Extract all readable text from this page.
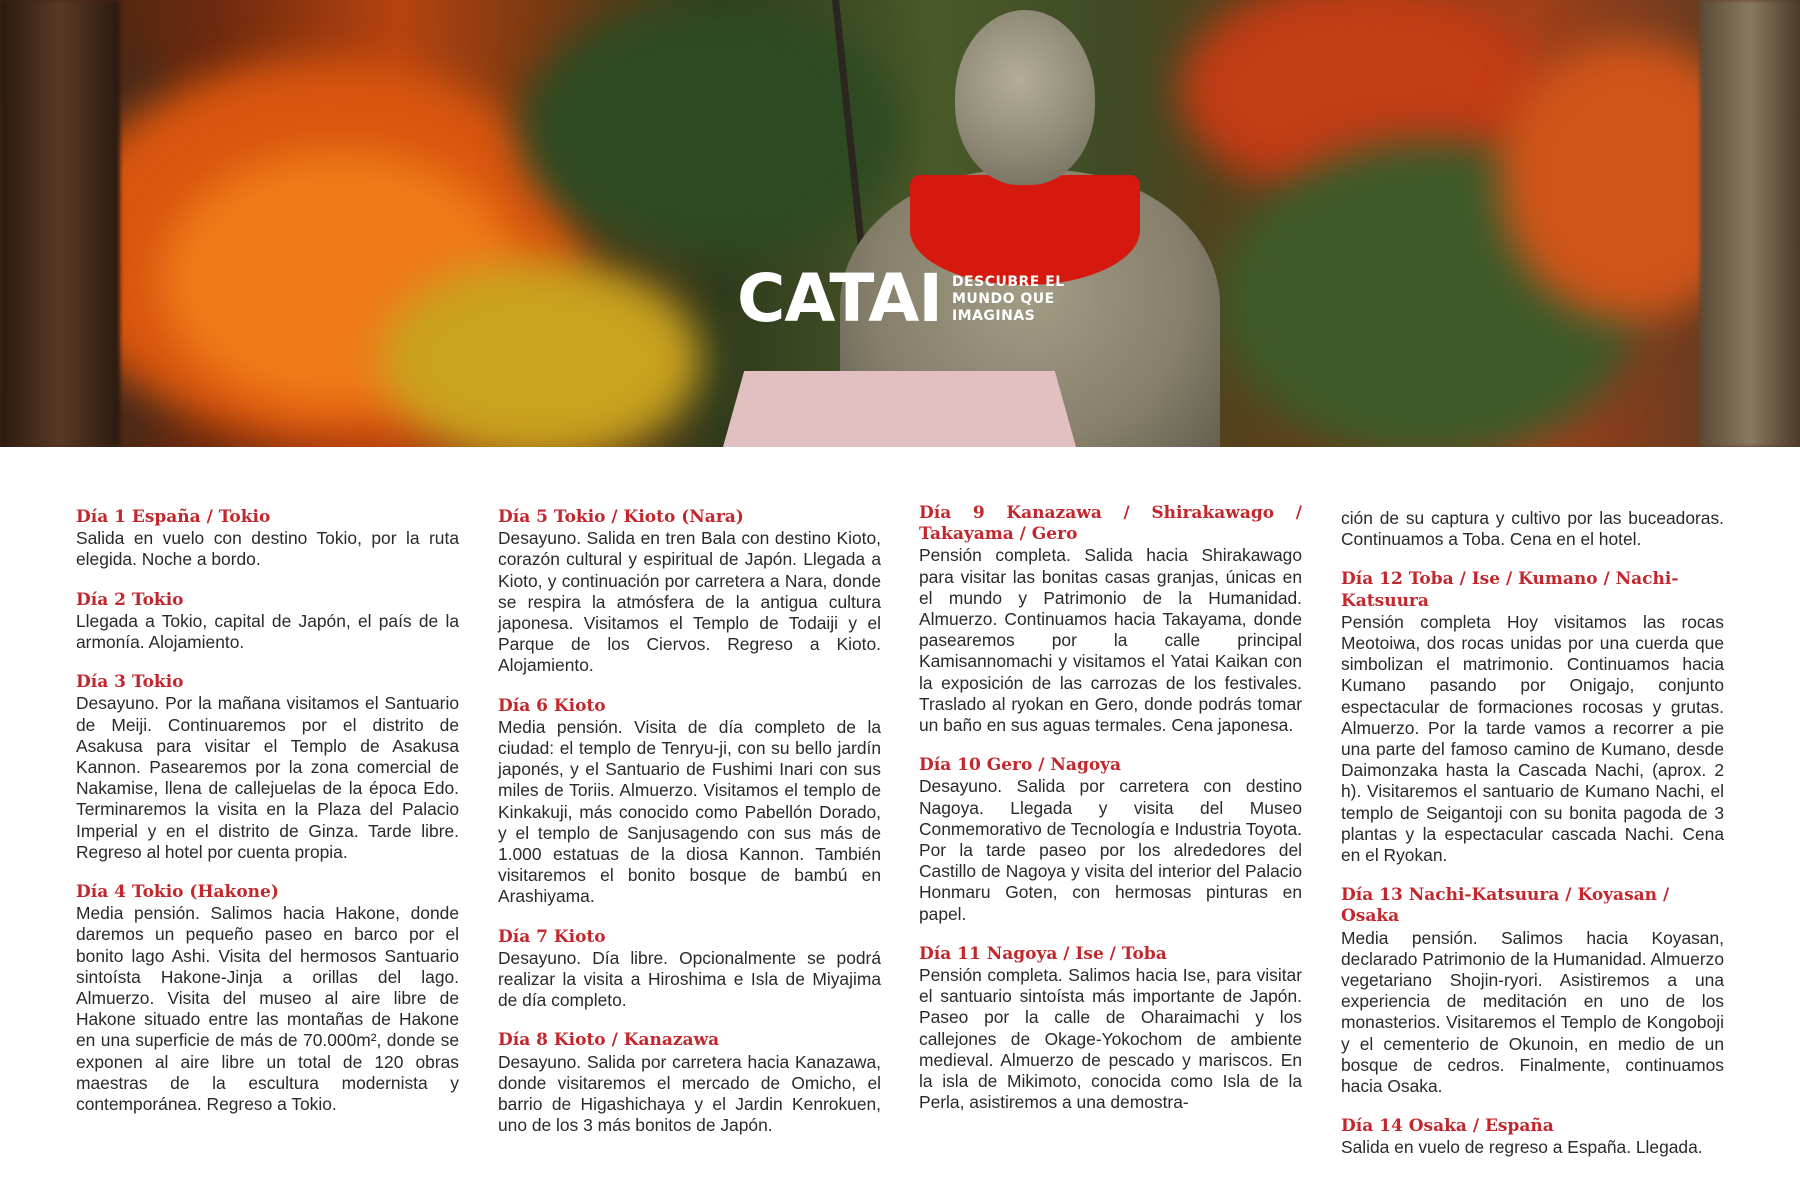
CATAI DESCUBRE EL
MUNDO QUE
IMAGINAS
Día 1 España / Tokio

Salida en vuelo con destino Tokio, por la ruta elegida. Noche a bordo.

Día 2 Tokio

Llegada a Tokio, capital de Japón, el país de la armonía. Alojamiento.

Día 3 Tokio

Desayuno. Por la mañana visitamos el Santuario de Meiji. Continuaremos por el distrito de Asakusa para visitar el Templo de Asakusa Kannon. Pasearemos por la zona comercial de Nakamise, llena de callejuelas de la época Edo. Terminaremos la visita en la Plaza del Palacio Imperial y en el distrito de Ginza. Tarde libre. Regreso al hotel por cuenta propia.

Día 4 Tokio (Hakone)

Media pensión. Salimos hacia Hakone, donde daremos un pequeño paseo en barco por el bonito lago Ashi. Visita del hermosos Santuario sintoísta Hakone-Jinja a orillas del lago. Almuerzo. Visita del museo al aire libre de Hakone situado entre las montañas de Hakone en una superficie de más de 70.000m², donde se exponen al aire libre un total de 120 obras maestras de la escultura modernista y contemporánea. Regreso a Tokio.

Día 5 Tokio / Kioto (Nara)

Desayuno. Salida en tren Bala con destino Kioto, corazón cultural y espiritual de Japón. Llegada a Kioto, y continuación por carretera a Nara, donde se respira la atmósfera de la antigua cultura japonesa. Visitamos el Templo de Todaiji y el Parque de los Ciervos. Regreso a Kioto. Alojamiento.

Día 6 Kioto

Media pensión. Visita de día completo de la ciudad: el templo de Tenryu-ji, con su bello jardín japonés, y el Santuario de Fushimi Inari con sus miles de Toriis. Almuerzo. Visitamos el templo de Kinkakuji, más conocido como Pabellón Dorado, y el templo de Sanjusagendo con sus más de 1.000 estatuas de la diosa Kannon. También visitaremos el bonito bosque de bambú en Arashiyama.

Día 7 Kioto

Desayuno. Día libre. Opcionalmente se podrá realizar la visita a Hiroshima e Isla de Miyajima de día completo.

Día 8 Kioto / Kanazawa

Desayuno. Salida por carretera hacia Kanazawa, donde visitaremos el mercado de Omicho, el barrio de Higashichaya y el Jardin Kenrokuen, uno de los 3 más bonitos de Japón.

Día 9 Kanazawa / Shirakawago / Takayama / Gero

Pensión completa. Salida hacia Shirakawago para visitar las bonitas casas granjas, únicas en el mundo y Patrimonio de la Humanidad. Almuerzo. Continuamos hacia Takayama, donde pasearemos por la calle principal Kamisannomachi y visitamos el Yatai Kaikan con la exposición de las carrozas de los festivales. Traslado al ryokan en Gero, donde podrás tomar un baño en sus aguas termales. Cena japonesa.

Día 10 Gero / Nagoya

Desayuno. Salida por carretera con destino Nagoya. Llegada y visita del Museo Conmemorativo de Tecnología e Industria Toyota. Por la tarde paseo por los alrededores del Castillo de Nagoya y visita del interior del Palacio Honmaru Goten, con hermosas pinturas en papel.

Día 11 Nagoya / Ise / Toba

Pensión completa. Salimos hacia Ise, para visitar el santuario sintoísta más importante de Japón. Paseo por la calle de Oharaimachi y los callejones de Okage-Yokochom de ambiente medieval. Almuerzo de pescado y mariscos. En la isla de Mikimoto, conocida como Isla de la Perla, asistiremos a una demostra-

ción de su captura y cultivo por las buceadoras. Continuamos a Toba. Cena en el hotel.

Día 12 Toba / Ise / Kumano / Nachi-Katsuura

Pensión completa Hoy visitamos las rocas Meotoiwa, dos rocas unidas por una cuerda que simbolizan el matrimonio. Continuamos hacia Kumano pasando por Onigajo, conjunto espectacular de formaciones rocosas y grutas. Almuerzo. Por la tarde vamos a recorrer a pie una parte del famoso camino de Kumano, desde Daimonzaka hasta la Cascada Nachi, (aprox. 2 h). Visitaremos el santuario de Kumano Nachi, el templo de Seigantoji con su bonita pagoda de 3 plantas y la espectacular cascada Nachi. Cena en el Ryokan.

Día 13 Nachi-Katsuura / Koyasan / Osaka

Media pensión. Salimos hacia Koyasan, declarado Patrimonio de la Humanidad. Almuerzo vegetariano Shojin-ryori. Asistiremos a una experiencia de meditación en uno de los monasterios. Visitaremos el Templo de Kongoboji y el cementerio de Okunoin, en medio de un bosque de cedros. Finalmente, continuamos hacia Osaka.

Día 14 Osaka / España

Salida en vuelo de regreso a España. Llegada.
